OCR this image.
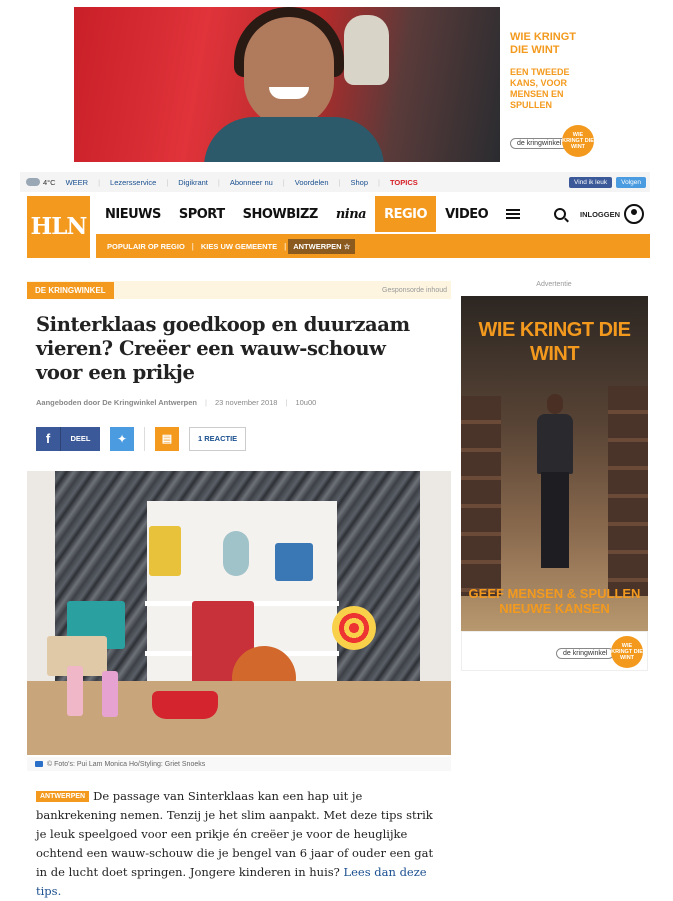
WIE KRINGT DIE WINT
EEN TWEEDE KANS, VOOR MENSEN EN SPULLEN
de kringwinkel
WIE KRINGT DIE WINT
4°C WEER | Lezersservice | Digikrant | Abonneer nu | Voordelen | Shop | TOPICS	Vind ik leuk	Volgen
HLN	NIEUWS	SPORT	SHOWBIZZ	nina	REGIO	VIDEO	INLOGGEN
POPULAIR OP REGIO | KIES UW GEMEENTE | ANTWERPEN ☆
DE KRINGWINKEL	Gesponsorde inhoud
Sinterklaas goedkoop en duurzaam vieren? Creëer een wauw-schouw voor een prikje
Aangeboden door De Kringwinkel Antwerpen | 23 november 2018 | 10u00
f	DEEL	✦	▤	1 REACTIE
© Foto's: Pui Lam Monica Ho/Styling: Griet Snoeks

ANTWERPEN De passage van Sinterklaas kan een hap uit je bankrekening nemen. Tenzij je het slim aanpakt. Met deze tips strik je leuk speelgoed voor een prikje én creëer je voor de heuglijke ochtend een wauw-schouw die je bengel van 6 jaar of ouder een gat in de lucht doet springen. Jongere kinderen in huis? Lees dan deze tips.

Advertentie
WIE KRINGT DIE WINT
GEEF MENSEN & SPULLEN NIEUWE KANSEN
de kringwinkel
WIE KRINGT DIE WINT
